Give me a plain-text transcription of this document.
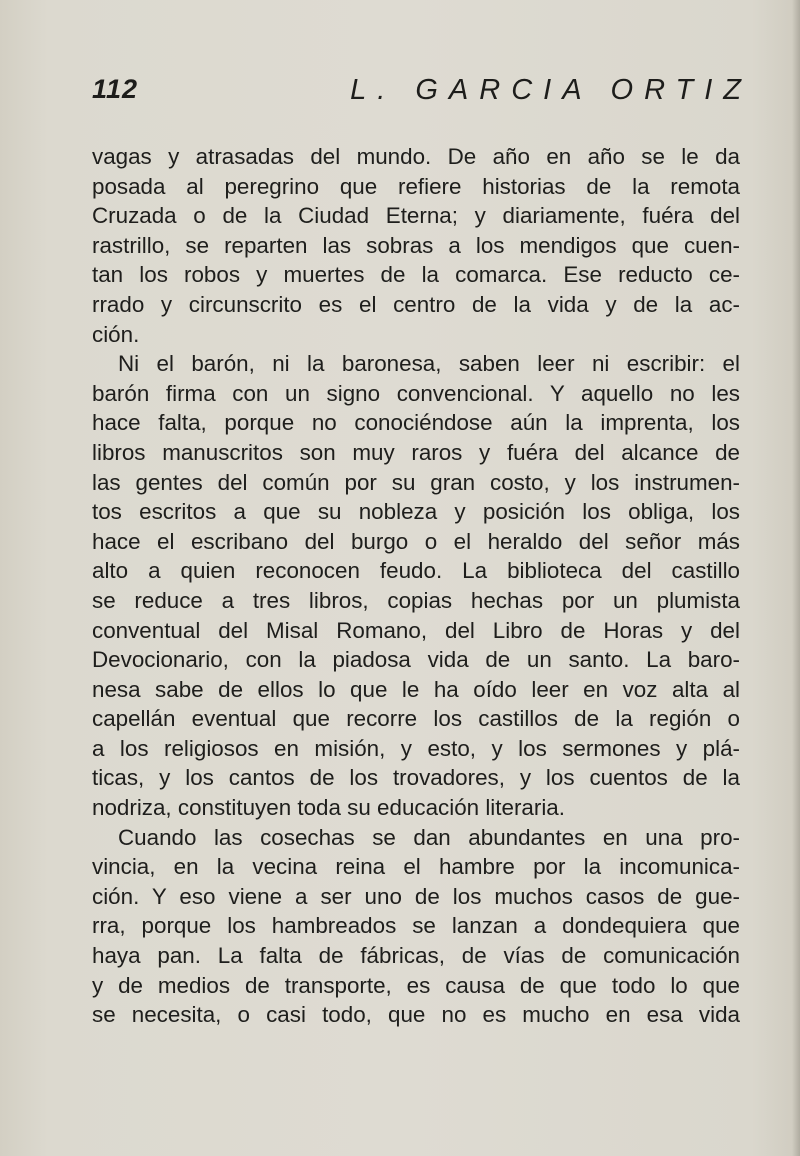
112	L. GARCIA ORTIZ
vagas y atrasadas del mundo. De año en año se le da
posada al peregrino que refiere historias de la remota
Cruzada o de la Ciudad Eterna; y diariamente, fuéra del
rastrillo, se reparten las sobras a los mendigos que cuen-
tan los robos y muertes de la comarca. Ese reducto ce-
rrado y circunscrito es el centro de la vida y de la ac-
ción.
Ni el barón, ni la baronesa, saben leer ni escribir: el
barón firma con un signo convencional. Y aquello no les
hace falta, porque no conociéndose aún la imprenta, los
libros manuscritos son muy raros y fuéra del alcance de
las gentes del común por su gran costo, y los instrumen-
tos escritos a que su nobleza y posición los obliga, los
hace el escribano del burgo o el heraldo del señor más
alto a quien reconocen feudo. La biblioteca del castillo
se reduce a tres libros, copias hechas por un plumista
conventual del Misal Romano, del Libro de Horas y del
Devocionario, con la piadosa vida de un santo. La baro-
nesa sabe de ellos lo que le ha oído leer en voz alta al
capellán eventual que recorre los castillos de la región o
a los religiosos en misión, y esto, y los sermones y plá-
ticas, y los cantos de los trovadores, y los cuentos de la
nodriza, constituyen toda su educación literaria.
Cuando las cosechas se dan abundantes en una pro-
vincia, en la vecina reina el hambre por la incomunica-
ción. Y eso viene a ser uno de los muchos casos de gue-
rra, porque los hambreados se lanzan a dondequiera que
haya pan. La falta de fábricas, de vías de comunicación
y de medios de transporte, es causa de que todo lo que
se necesita, o casi todo, que no es mucho en esa vida
